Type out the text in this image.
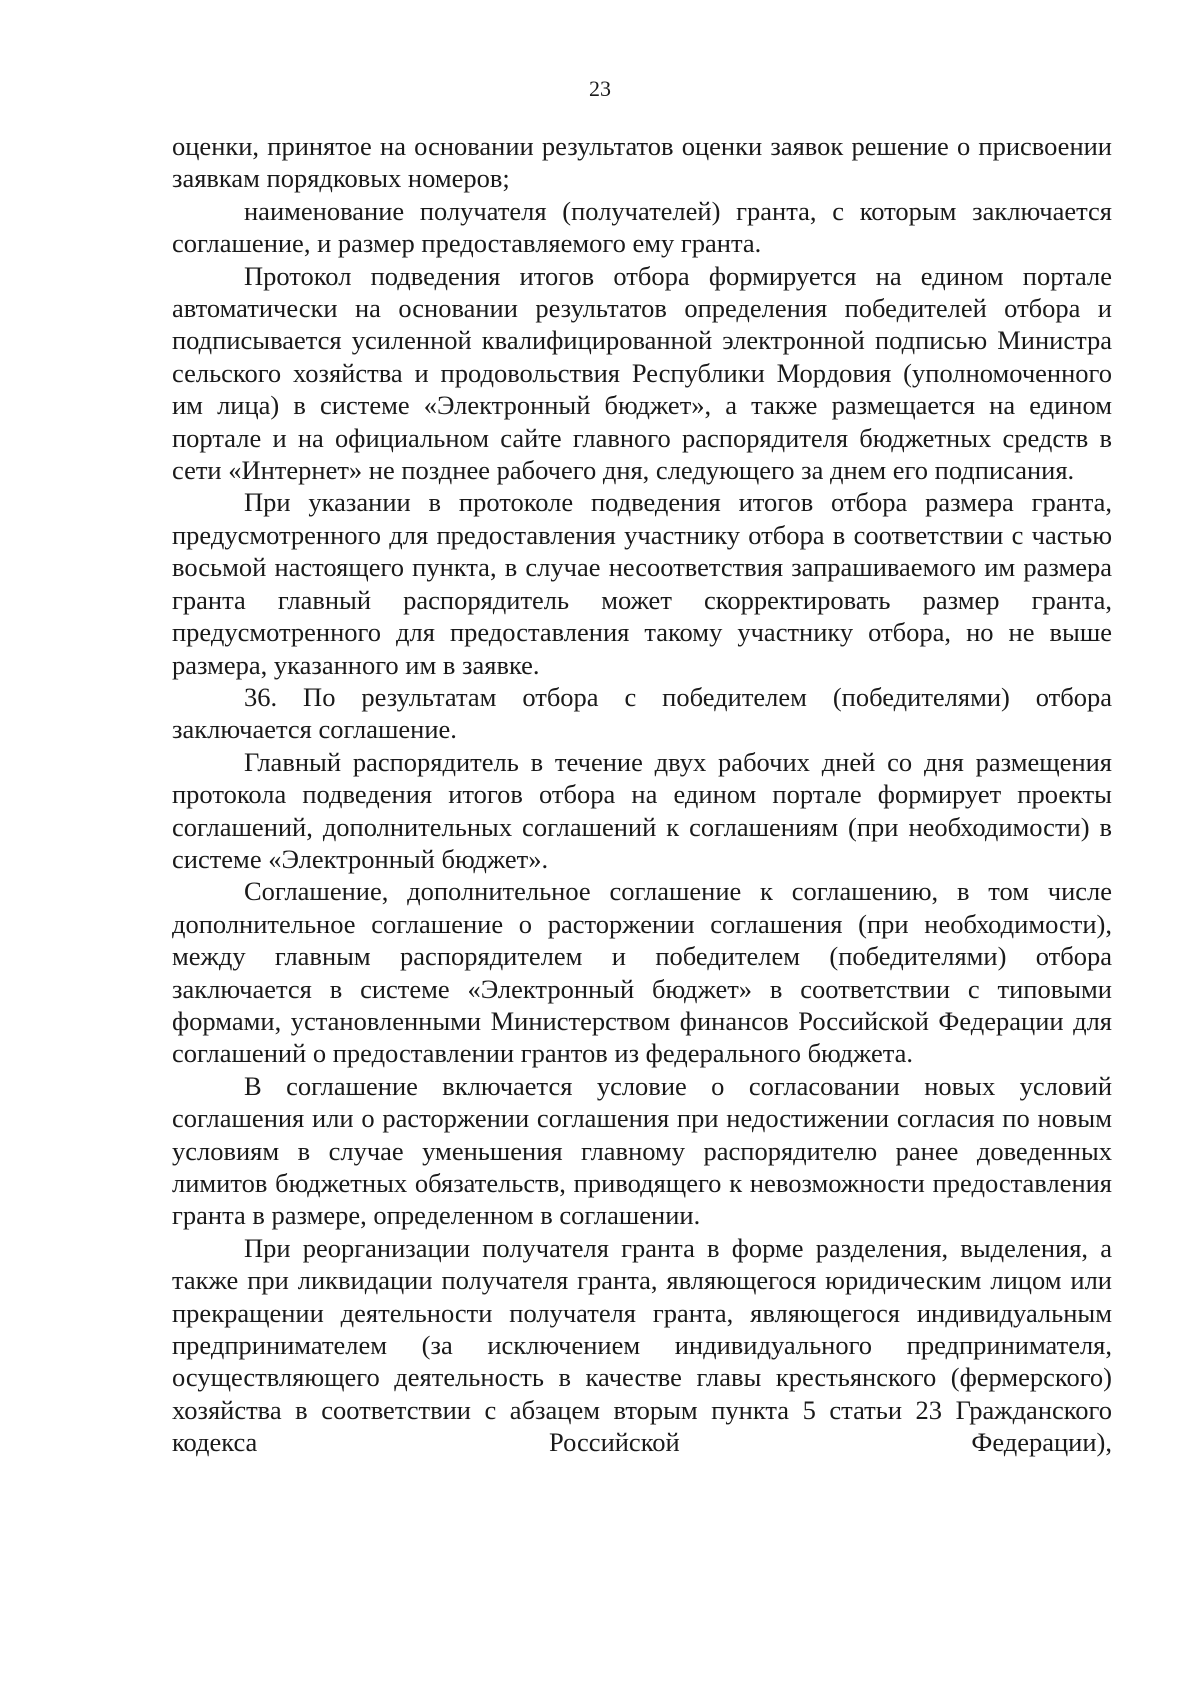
23

оценки, принятое на основании результатов оценки заявок решение о присвоении заявкам порядковых номеров;

наименование получателя (получателей) гранта, с которым заключается соглашение, и размер предоставляемого ему гранта.

Протокол подведения итогов отбора формируется на едином портале автоматически на основании результатов определения победителей отбора и подписывается усиленной квалифицированной электронной подписью Министра сельского хозяйства и продовольствия Республики Мордовия (уполномоченного им лица) в системе «Электронный бюджет», а также размещается на едином портале и на официальном сайте главного распорядителя бюджетных средств в сети «Интернет» не позднее рабочего дня, следующего за днем его подписания.

При указании в протоколе подведения итогов отбора размера гранта, предусмотренного для предоставления участнику отбора в соответствии с частью восьмой настоящего пункта, в случае несоответствия запрашиваемого им размера гранта главный распорядитель может скорректировать размер гранта, предусмотренного для предоставления такому участнику отбора, но не выше размера, указанного им в заявке.

36. По результатам отбора с победителем (победителями) отбора заключается соглашение.

Главный распорядитель в течение двух рабочих дней со дня размещения протокола подведения итогов отбора на едином портале формирует проекты соглашений, дополнительных соглашений к соглашениям (при необходимости) в системе «Электронный бюджет».

Соглашение, дополнительное соглашение к соглашению, в том числе дополнительное соглашение о расторжении соглашения (при необходимости), между главным распорядителем и победителем (победителями) отбора заключается в системе «Электронный бюджет» в соответствии с типовыми формами, установленными Министерством финансов Российской Федерации для соглашений о предоставлении грантов из федерального бюджета.

В соглашение включается условие о согласовании новых условий соглашения или о расторжении соглашения при недостижении согласия по новым условиям в случае уменьшения главному распорядителю ранее доведенных лимитов бюджетных обязательств, приводящего к невозможности предоставления гранта в размере, определенном в соглашении.

При реорганизации получателя гранта в форме разделения, выделения, а также при ликвидации получателя гранта, являющегося юридическим лицом или прекращении деятельности получателя гранта, являющегося индивидуальным предпринимателем (за исключением индивидуального предпринимателя, осуществляющего деятельность в качестве главы крестьянского (фермерского) хозяйства в соответствии с абзацем вторым пункта 5 статьи 23 Гражданского кодекса Российской Федерации),
